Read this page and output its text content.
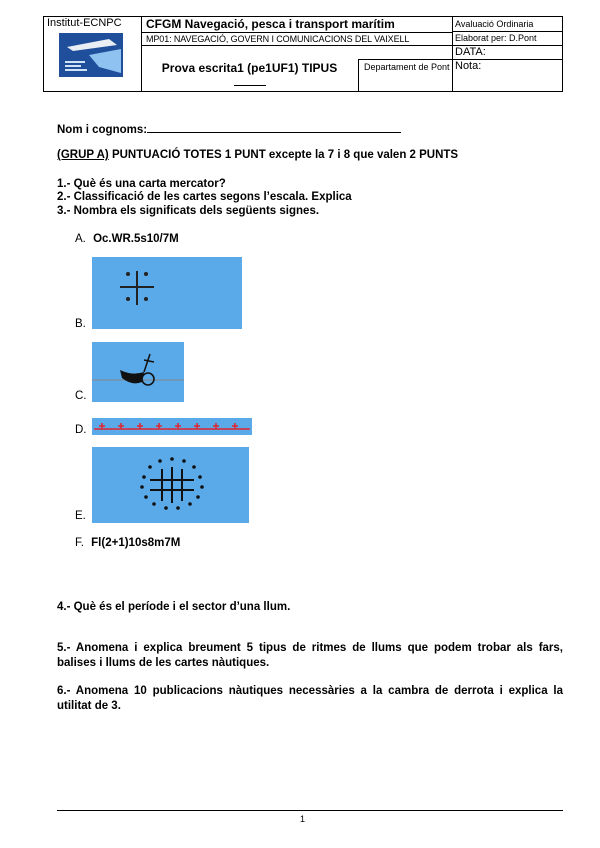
Institut-ECNPC CFGM Navegació, pesca i transport marítim
MP01: NAVEGACIÓ, GOVERN I COMUNICACIONS DEL VAIXELL
Prova escrita1 (pe1UF1) TIPUS	Departament de Pont
Avaluació Ordinaria
Elaborat per: D.Pont
DATA:
Nota:
Nom i cognoms:
(GRUP A) PUNTUACIÓ TOTES 1 PUNT excepte la 7 i 8 que valen 2 PUNTS
1.- Què és una carta mercator?
2.- Classificació de les cartes segons l’escala. Explica
3.- Nombra els significats dels següents signes.
A. Oc.WR.5s10/7M
B.
C.
D.
E.
F. Fl(2+1)10s8m7M
4.- Què és el període i el sector d’una llum.
5.- Anomena i explica breument 5 tipus de ritmes de llums que podem trobar als fars, balises i llums de les cartes nàutiques.
6.- Anomena 10 publicacions nàutiques necessàries a la cambra de derrota i explica la utilitat de 3.
1
